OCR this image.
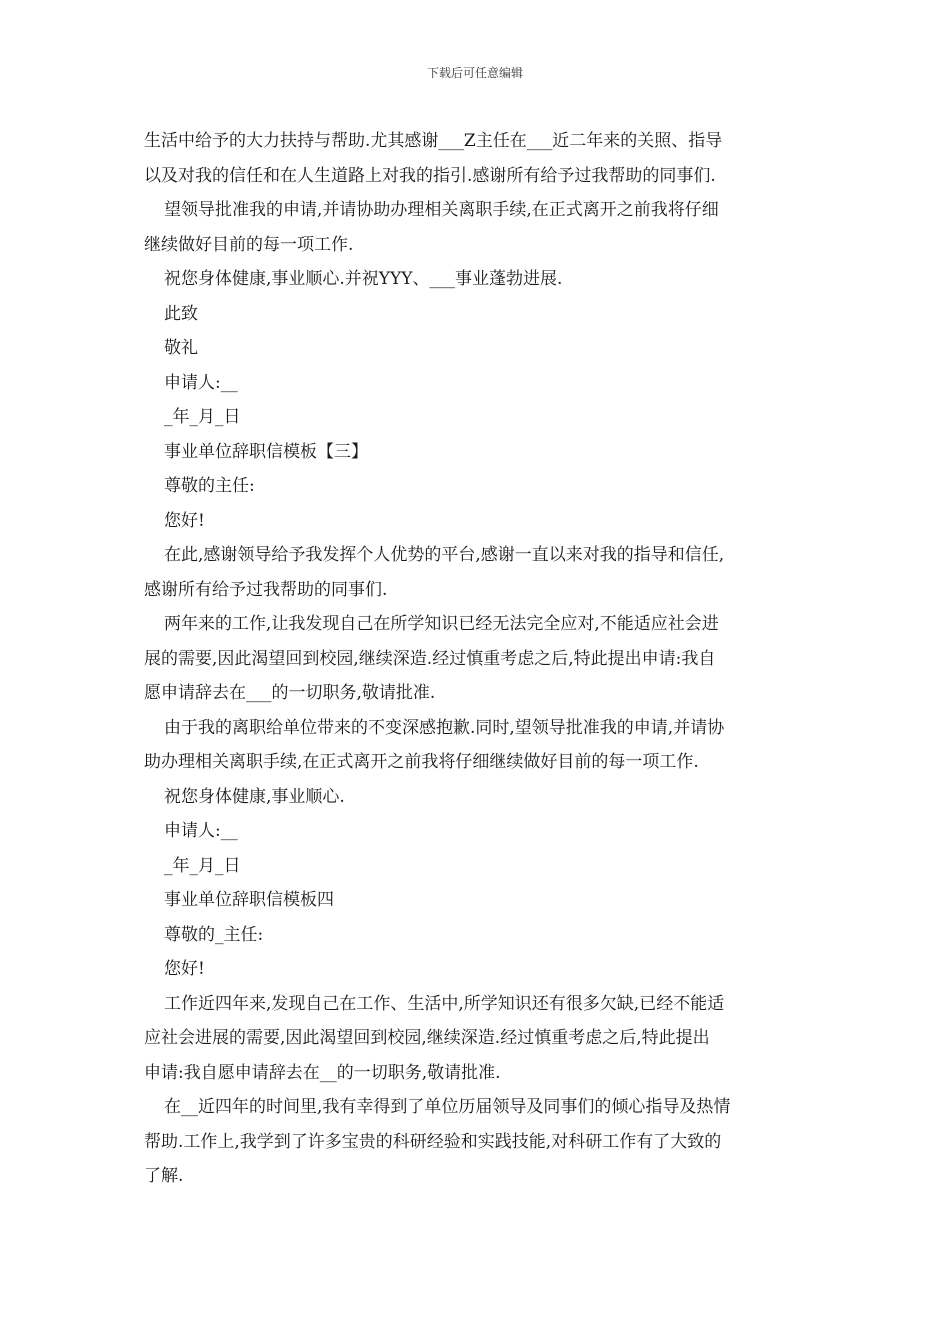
下载后可任意编辑
生活中给予的大力扶持与帮助.尤其感谢___Z主任在___近二年来的关照、指导
以及对我的信任和在人生道路上对我的指引.感谢所有给予过我帮助的同事们.
望领导批准我的申请,并请协助办理相关离职手续,在正式离开之前我将仔细
继续做好目前的每一项工作.
祝您身体健康,事业顺心.并祝YYY、___事业蓬勃进展.
此致
敬礼
申请人:__
_年_月_日
事业单位辞职信模板【三】
尊敬的主任:
您好!
在此,感谢领导给予我发挥个人优势的平台,感谢一直以来对我的指导和信任,
感谢所有给予过我帮助的同事们.
两年来的工作,让我发现自己在所学知识已经无法完全应对,不能适应社会进
展的需要,因此渴望回到校园,继续深造.经过慎重考虑之后,特此提出申请:我自
愿申请辞去在___的一切职务,敬请批准.
由于我的离职给单位带来的不变深感抱歉.同时,望领导批准我的申请,并请协
助办理相关离职手续,在正式离开之前我将仔细继续做好目前的每一项工作.
祝您身体健康,事业顺心.
申请人:__
_年_月_日
事业单位辞职信模板四
尊敬的_主任:
您好!
工作近四年来,发现自己在工作、生活中,所学知识还有很多欠缺,已经不能适
应社会进展的需要,因此渴望回到校园,继续深造.经过慎重考虑之后,特此提出
申请:我自愿申请辞去在__的一切职务,敬请批准.
在__近四年的时间里,我有幸得到了单位历届领导及同事们的倾心指导及热情
帮助.工作上,我学到了许多宝贵的科研经验和实践技能,对科研工作有了大致的
了解.
